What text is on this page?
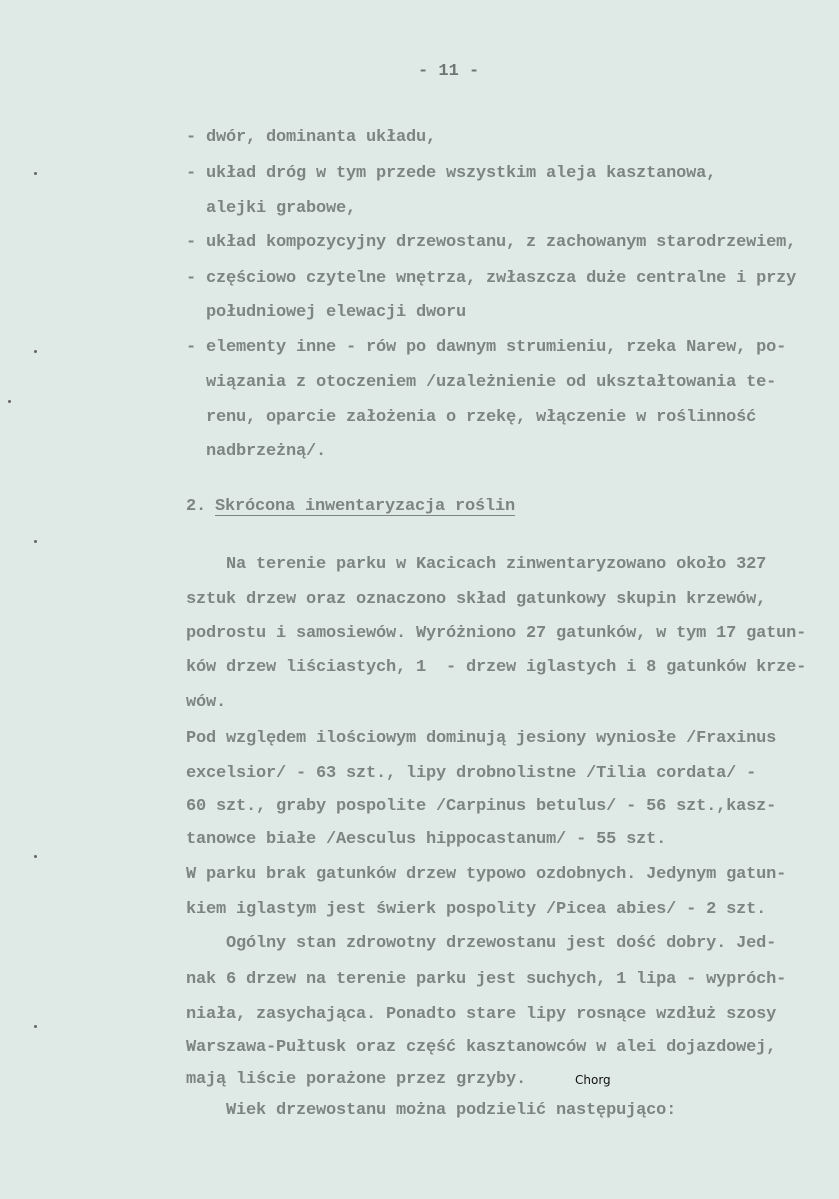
- 11 -
- dwór, dominanta układu,
- układ dróg w tym przede wszystkim aleja kasztanowa,
alejki grabowe,
- układ kompozycyjny drzewostanu, z zachowanym starodrzewiem,
- częściowo czytelne wnętrza, zwłaszcza duże centralne i przy
południowej elewacji dworu
- elementy inne - rów po dawnym strumieniu, rzeka Narew, po-
wiązania z otoczeniem /uzależnienie od ukształtowania te-
renu, oparcie założenia o rzekę, włączenie w roślinność
nadbrzeżną/.
2. Skrócona inwentaryzacja roślin
Na terenie parku w Kacicach zinwentaryzowano około 327
sztuk drzew oraz oznaczono skład gatunkowy skupin krzewów,
podrostu i samosiewów. Wyróżniono 27 gatunków, w tym 17 gatun-
ków drzew liściastych, 1  - drzew iglastych i 8 gatunków krze-
wów.
Pod względem ilościowym dominują jesiony wyniosłe /Fraxinus
excelsior/ - 63 szt., lipy drobnolistne /Tilia cordata/ -
60 szt., graby pospolite /Carpinus betulus/ - 56 szt.,kasz-
tanowce białe /Aesculus hippocastanum/ - 55 szt.
W parku brak gatunków drzew typowo ozdobnych. Jedynym gatun-
kiem iglastym jest świerk pospolity /Picea abies/ - 2 szt.
Ogólny stan zdrowotny drzewostanu jest dość dobry. Jed-
nak 6 drzew na terenie parku jest suchych, 1 lipa - wypróch-
niała, zasychająca. Ponadto stare lipy rosnące wzdłuż szosy
Warszawa-Pułtusk oraz część kasztanowców w alei dojazdowej,
mają liście porażone przez grzyby.
Wiek drzewostanu można podzielić następująco:
Chorg
